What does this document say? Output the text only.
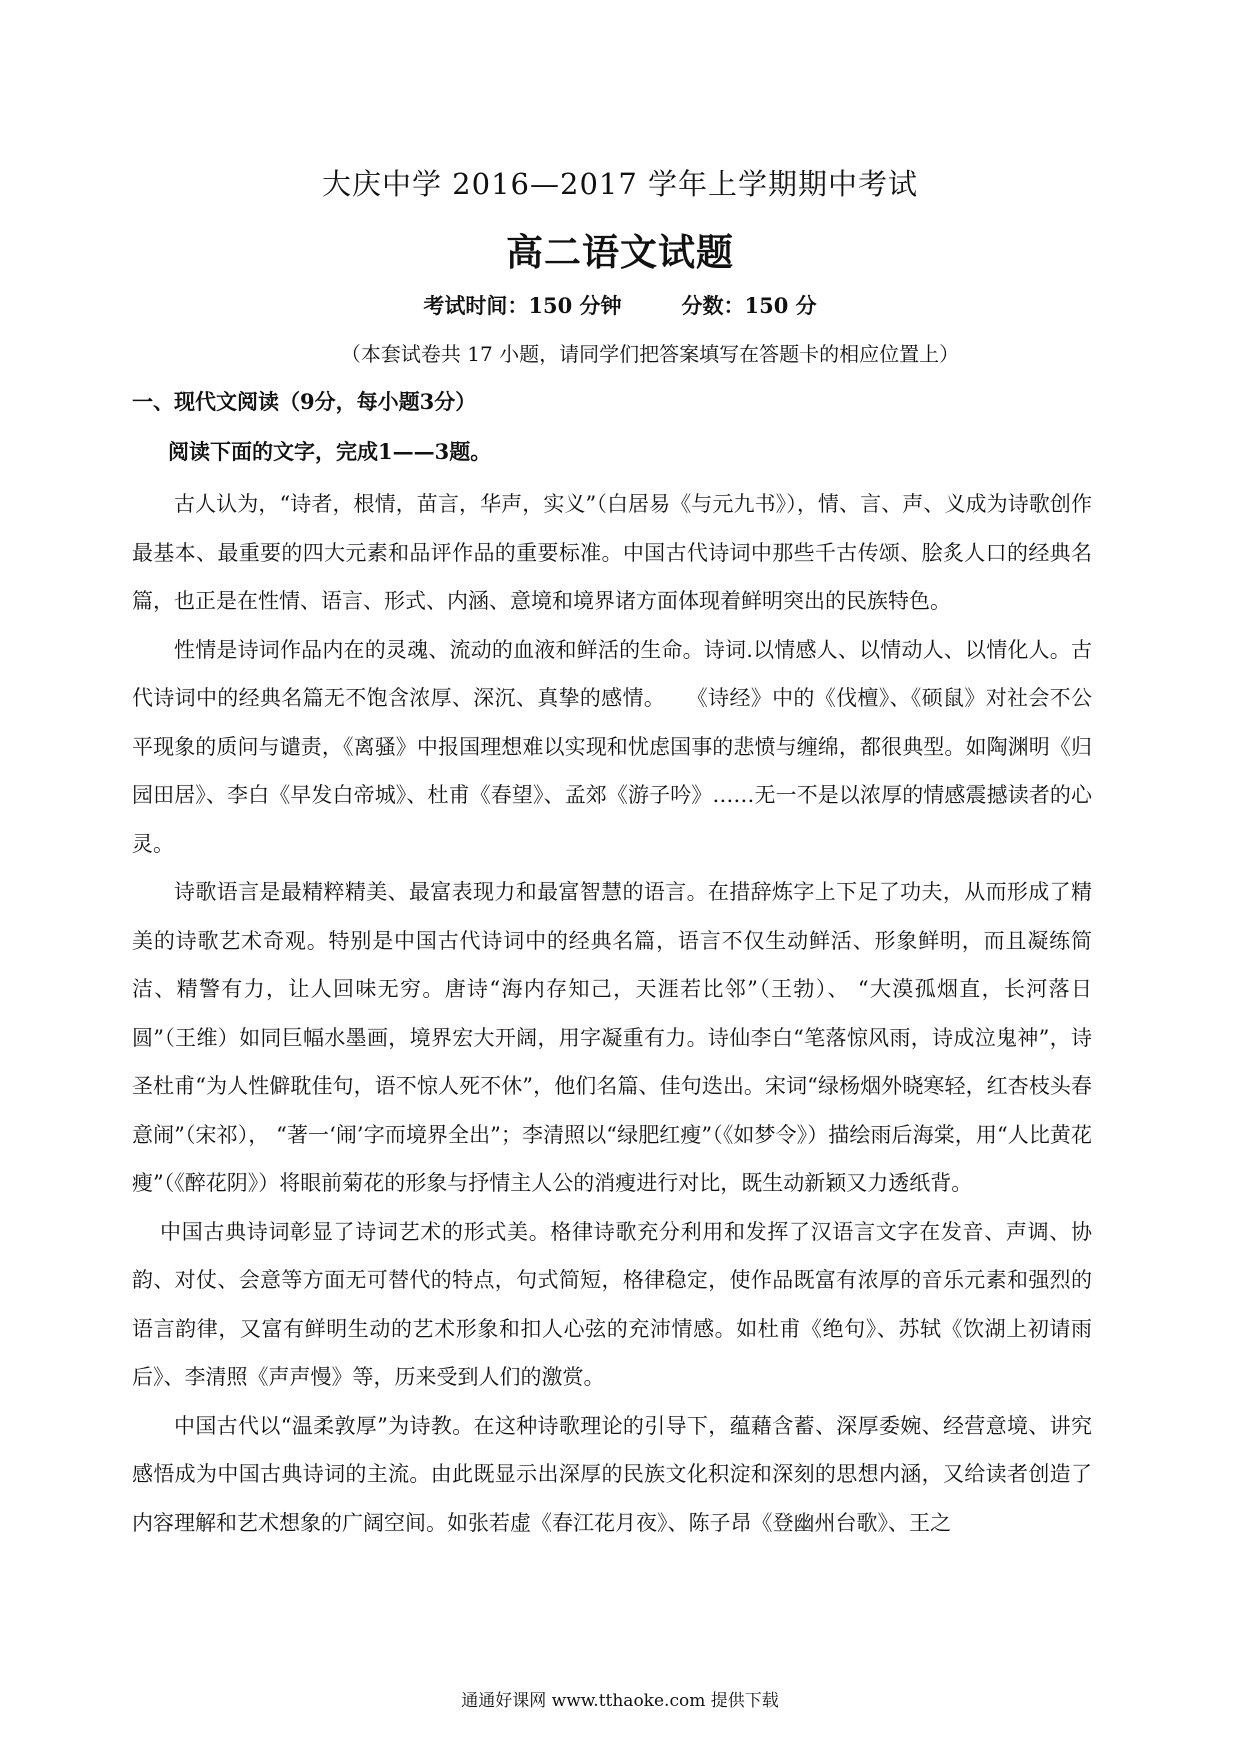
大庆中学 2016—2017 学年上学期期中考试
高二语文试题
考试时间：150 分钟	分数：150 分
（本套试卷共 17 小题，请同学们把答案填写在答题卡的相应位置上）
一、现代文阅读（9分，每小题3分）
阅读下面的文字，完成1——3题。

古人认为，“诗者，根情，苗言，华声，实义”（白居易《与元九书》），情、言、声、义成为诗歌创作最基本、最重要的四大元素和品评作品的重要标准。中国古代诗词中那些千古传颂、脍炙人口的经典名篇，也正是在性情、语言、形式、内涵、意境和境界诸方面体现着鲜明突出的民族特色。

性情是诗词作品内在的灵魂、流动的血液和鲜活的生命。诗词.以情感人、以情动人、以情化人。古代诗词中的经典名篇无不饱含浓厚、深沉、真挚的感情。　　《诗经》中的《伐檀》、《硕鼠》对社会不公平现象的质问与谴责，《离骚》中报国理想难以实现和忧虑国事的悲愤与缠绵，都很典型。如陶渊明《归园田居》、李白《早发白帝城》、杜甫《春望》、孟郊《游子吟》……无一不是以浓厚的情感震撼读者的心灵。

诗歌语言是最精粹精美、最富表现力和最富智慧的语言。在措辞炼字上下足了功夫，从而形成了精美的诗歌艺术奇观。特别是中国古代诗词中的经典名篇，语言不仅生动鲜活、形象鲜明，而且凝练简洁、精警有力，让人回味无穷。唐诗“海内存知己，天涯若比邻”（王勃）、 “大漠孤烟直，长河落日圆”（王维）如同巨幅水墨画，境界宏大开阔，用字凝重有力。诗仙李白“笔落惊风雨，诗成泣鬼神”，诗圣杜甫“为人性僻耽佳句，语不惊人死不休”，他们名篇、佳句迭出。宋词“绿杨烟外晓寒轻，红杏枝头春意闹”（宋祁）， “著一‘闹’字而境界全出”；李清照以“绿肥红瘦”（《如梦令》）描绘雨后海棠，用“人比黄花瘦”（《醉花阴》）将眼前菊花的形象与抒情主人公的消瘦进行对比，既生动新颖又力透纸背。

中国古典诗词彰显了诗词艺术的形式美。格律诗歌充分利用和发挥了汉语言文字在发音、声调、协韵、对仗、会意等方面无可替代的特点，句式简短，格律稳定，使作品既富有浓厚的音乐元素和强烈的语言韵律，又富有鲜明生动的艺术形象和扣人心弦的充沛情感。如杜甫《绝句》、苏轼《饮湖上初请雨后》、李清照《声声慢》等，历来受到人们的激赏。

中国古代以“温柔敦厚”为诗教。在这种诗歌理论的引导下，蕴藉含蓄、深厚委婉、经营意境、讲究感悟成为中国古典诗词的主流。由此既显示出深厚的民族文化积淀和深刻的思想内涵，又给读者创造了内容理解和艺术想象的广阔空间。如张若虚《春江花月夜》、陈子昂《登幽州台歌》、王之

通通好课网 www.tthaoke.com 提供下载
